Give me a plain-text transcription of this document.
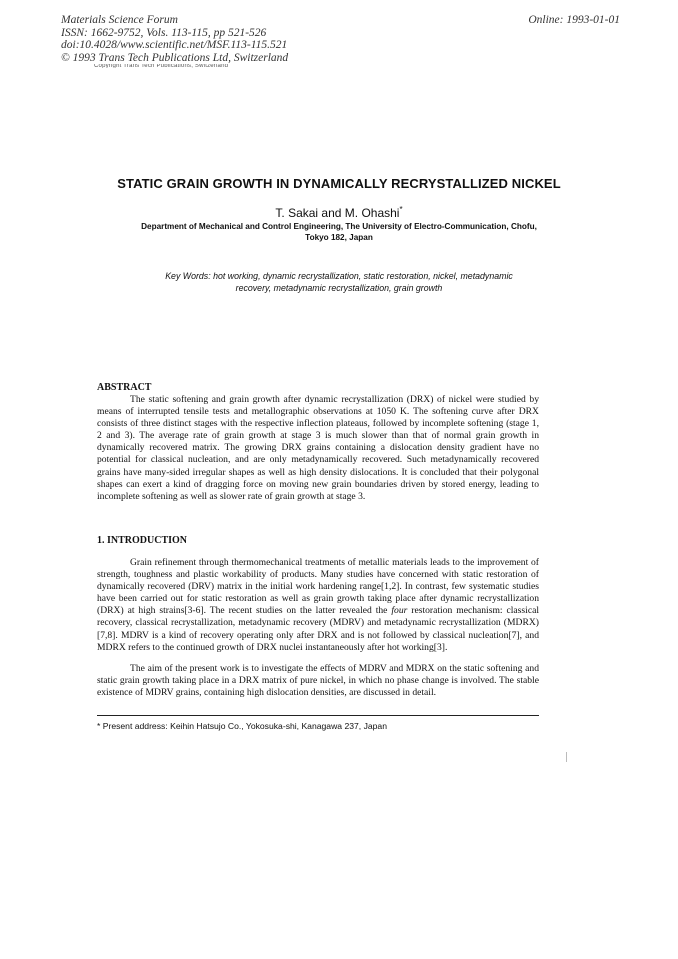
Materials Science Forum
ISSN: 1662-9752, Vols. 113-115, pp 521-526
doi:10.4028/www.scientific.net/MSF.113-115.521
© 1993 Trans Tech Publications Ltd, Switzerland
Online: 1993-01-01
Copyright Trans Tech Publications, Switzerland
STATIC GRAIN GROWTH IN DYNAMICALLY RECRYSTALLIZED NICKEL
T. Sakai and M. Ohashi*
Department of Mechanical and Control Engineering, The University of Electro-Communication, Chofu,
Tokyo 182, Japan
Key Words: hot working, dynamic recrystallization, static restoration, nickel, metadynamic
recovery, metadynamic recrystallization, grain growth
ABSTRACT

The static softening and grain growth after dynamic recrystallization (DRX) of nickel were studied by means of interrupted tensile tests and metallographic observations at 1050 K. The softening curve after DRX consists of three distinct stages with the respective inflection plateaus, followed by incomplete softening (stage 1, 2 and 3). The average rate of grain growth at stage 3 is much slower than that of normal grain growth in dynamically recovered matrix. The growing DRX grains containing a dislocation density gradient have no potential for classical nucleation, and are only metadynamically recovered. Such metadynamically recovered grains have many-sided irregular shapes as well as high density dislocations. It is concluded that their polygonal shapes can exert a kind of dragging force on moving new grain boundaries driven by stored energy, leading to incomplete softening as well as slower rate of grain growth at stage 3.

1. INTRODUCTION

Grain refinement through thermomechanical treatments of metallic materials leads to the improvement of strength, toughness and plastic workability of products. Many studies have concerned with static restoration of dynamically recovered (DRV) matrix in the initial work hardening range[1,2]. In contrast, few systematic studies have been carried out for static restoration as well as grain growth taking place after dynamic recrystallization (DRX) at high strains[3-6]. The recent studies on the latter revealed the four restoration mechanism: classical recovery, classical recrystallization, metadynamic recovery (MDRV) and metadynamic recrystallization (MDRX)[7,8]. MDRV is a kind of recovery operating only after DRX and is not followed by classical nucleation[7], and MDRX refers to the continued growth of DRX nuclei instantaneously after hot working[3].

The aim of the present work is to investigate the effects of MDRV and MDRX on the static softening and static grain growth taking place in a DRX matrix of pure nickel, in which no phase change is involved. The stable existence of MDRV grains, containing high dislocation densities, are discussed in detail.

* Present address: Keihin Hatsujo Co., Yokosuka-shi, Kanagawa 237, Japan
